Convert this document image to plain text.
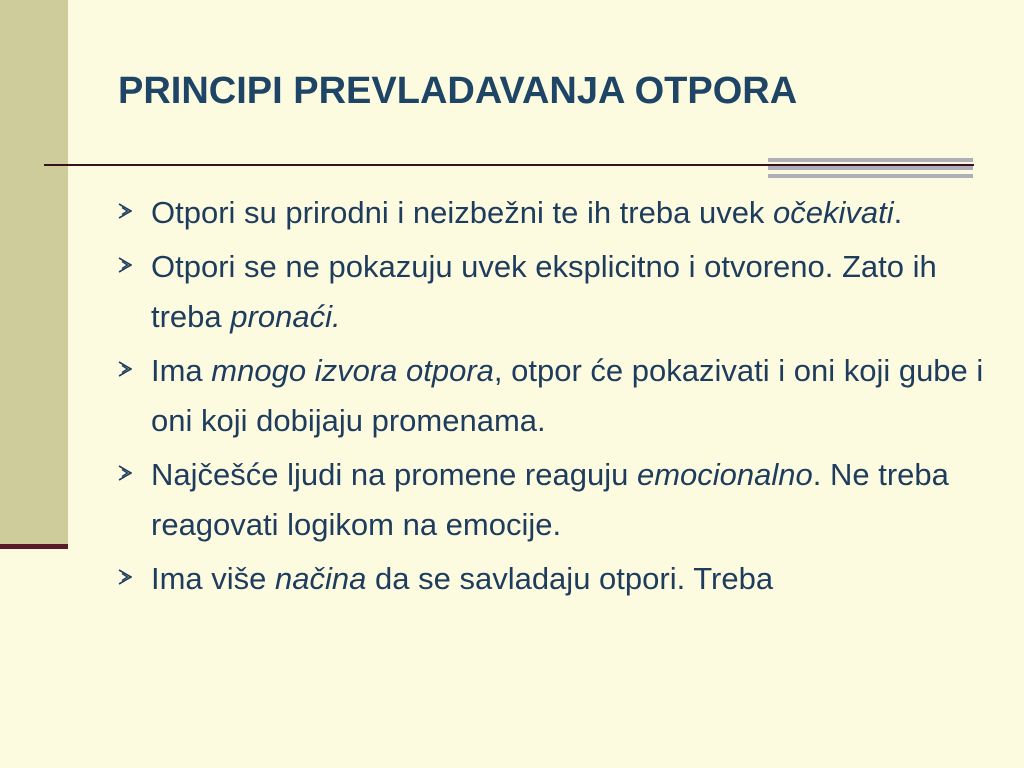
PRINCIPI PREVLADAVANJA OTPORA
Otpori su prirodni i neizbežni te ih treba uvek očekivati.
Otpori se ne pokazuju uvek eksplicitno i otvoreno. Zato ih treba pronaći.
Ima mnogo izvora otpora, otpor će pokazivati i oni koji gube i oni koji dobijaju promenama.
Najčešće ljudi na promene reaguju emocionalno. Ne treba reagovati logikom na emocije.
Ima više načina da se savladaju otpori. Treba
